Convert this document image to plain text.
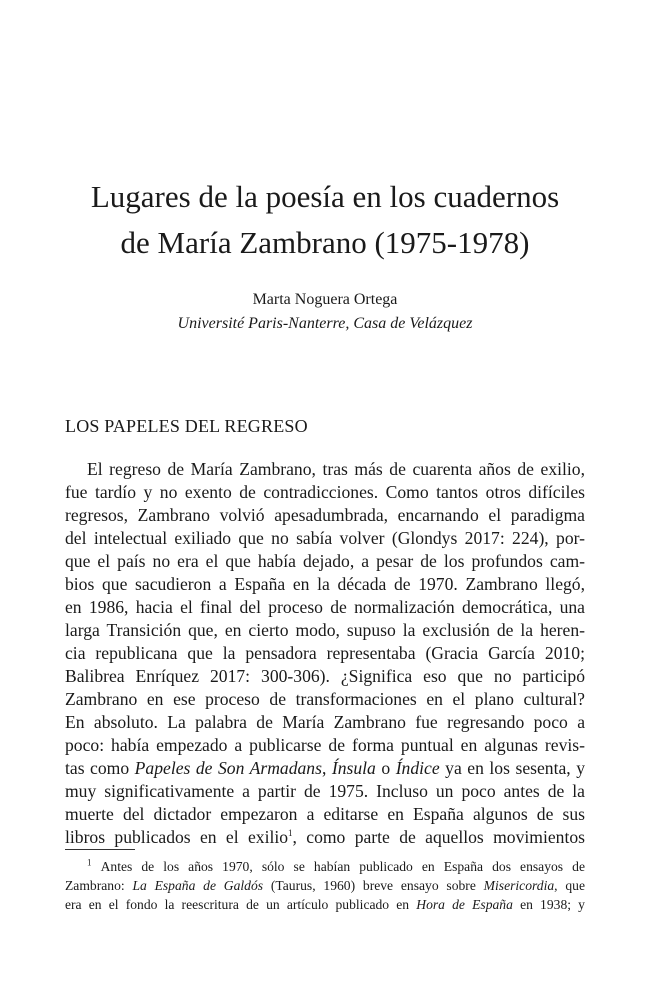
Lugares de la poesía en los cuadernos
de María Zambrano (1975-1978)
Marta Noguera Ortega
Université Paris-Nanterre, Casa de Velázquez
LOS PAPELES DEL REGRESO
El regreso de María Zambrano, tras más de cuarenta años de exilio,
fue tardío y no exento de contradicciones. Como tantos otros difíciles
regresos, Zambrano volvió apesadumbrada, encarnando el paradigma
del intelectual exiliado que no sabía volver (Glondys 2017: 224), por-
que el país no era el que había dejado, a pesar de los profundos cam-
bios que sacudieron a España en la década de 1970. Zambrano llegó,
en 1986, hacia el final del proceso de normalización democrática, una
larga Transición que, en cierto modo, supuso la exclusión de la heren-
cia republicana que la pensadora representaba (Gracia García 2010;
Balibrea Enríquez 2017: 300-306). ¿Significa eso que no participó
Zambrano en ese proceso de transformaciones en el plano cultural?
En absoluto. La palabra de María Zambrano fue regresando poco a
poco: había empezado a publicarse de forma puntual en algunas revis-
tas como Papeles de Son Armadans, Ínsula o Índice ya en los sesenta, y
muy significativamente a partir de 1975. Incluso un poco antes de la
muerte del dictador empezaron a editarse en España algunos de sus
libros publicados en el exilio$^1$, como parte de aquellos movimientos
$^1$ Antes de los años 1970, sólo se habían publicado en España dos ensayos de
Zambrano: La España de Galdós (Taurus, 1960) breve ensayo sobre Misericordia, que
era en el fondo la reescritura de un artículo publicado en Hora de España en 1938; y
